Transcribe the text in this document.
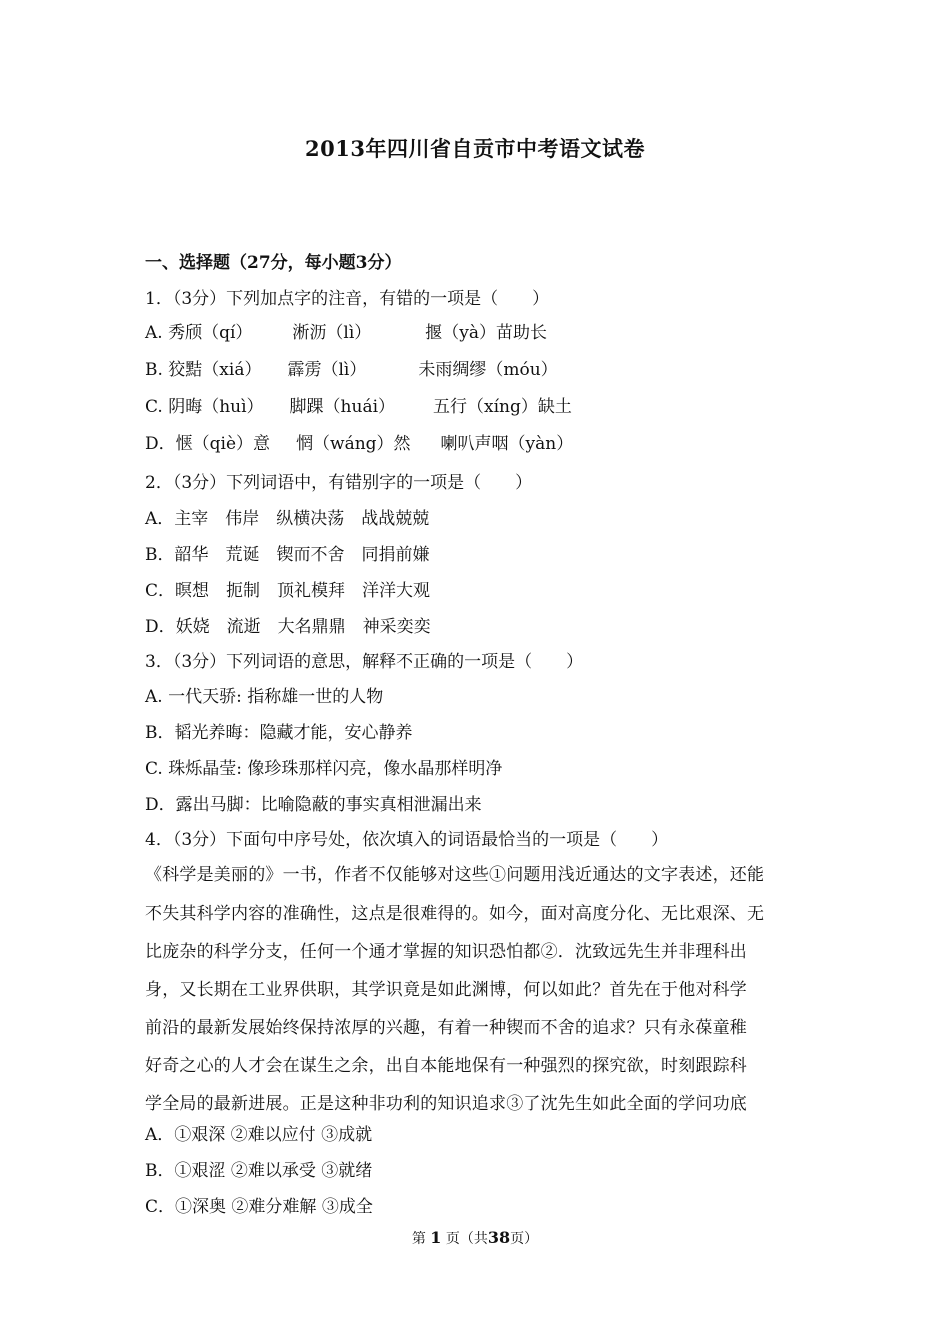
2013年四川省自贡市中考语文试卷
一、选择题（27分，每小题3分）
1．（3分）下列加点字的注音，有错的一项是（　　）
A. 秀颀（qí） 淅沥（lì）	揠（yà）苗助长
B. 狡黠（xiá） 霹雳（lì）	未雨绸缪（móu）
C. 阴晦（huì） 脚踝（huái） 五行（xíng）缺土
D．惬（qiè）意 惘（wáng）然 喇叭声咽（yàn）
2．（3分）下列词语中，有错别字的一项是（　　）
A．主宰　伟岸　纵横决荡　战战兢兢
B．韶华　荒诞　锲而不舍　同捐前嫌
C．暝想　扼制　顶礼模拜　洋洋大观
D．妖娆　流逝　大名鼎鼎　神采奕奕
3．（3分）下列词语的意思，解释不正确的一项是（　　）
A. 一代天骄: 指称雄一世的人物
B．韬光养晦：隐藏才能，安心静养
C. 珠烁晶莹: 像珍珠那样闪亮，像水晶那样明净
D．露出马脚：比喻隐蔽的事实真相泄漏出来
4．（3分）下面句中序号处，依次填入的词语最恰当的一项是（　　）
《科学是美丽的》一书，作者不仅能够对这些①问题用浅近通达的文字表述，还能
不失其科学内容的准确性，这点是很难得的。如今，面对高度分化、无比艰深、无
比庞杂的科学分支，任何一个通才掌握的知识恐怕都②．沈致远先生并非理科出
身，又长期在工业界供职，其学识竟是如此渊博，何以如此？首先在于他对科学
前沿的最新发展始终保持浓厚的兴趣，有着一种锲而不舍的追求？只有永葆童稚
好奇之心的人才会在谋生之余，出自本能地保有一种强烈的探究欲，时刻跟踪科
学全局的最新进展。正是这种非功利的知识追求③了沈先生如此全面的学问功底
A．①艰深 ②难以应付 ③成就
B．①艰涩 ②难以承受 ③就绪
C．①深奥 ②难分难解 ③成全
第 1 页（共38页）
